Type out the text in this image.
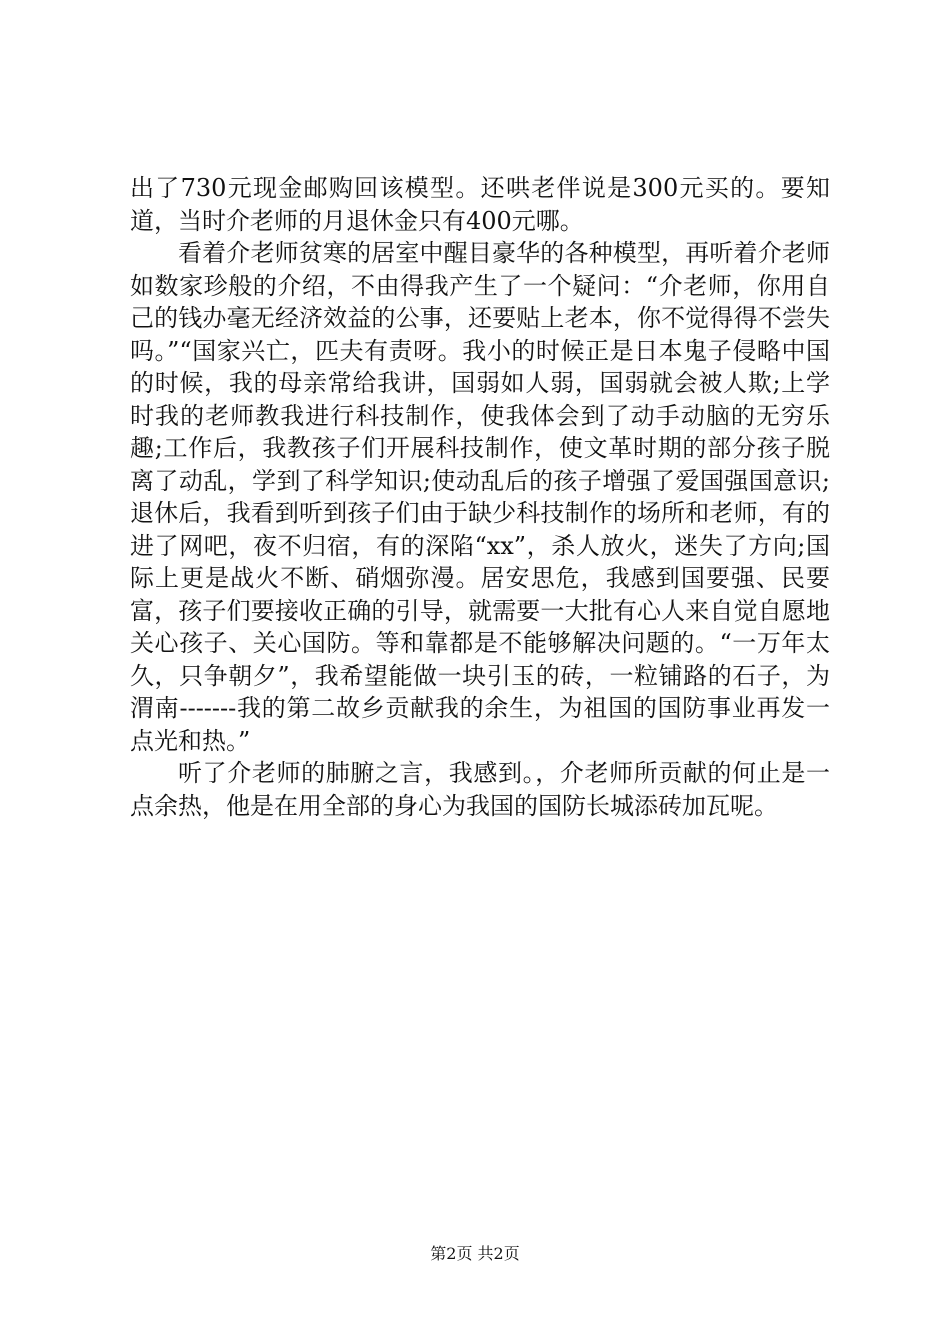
出了730元现金邮购回该模型。还哄老伴说是300元买的。要知道，当时介老师的月退休金只有400元哪。

看着介老师贫寒的居室中醒目豪华的各种模型，再听着介老师如数家珍般的介绍，不由得我产生了一个疑问：“介老师，你用自己的钱办毫无经济效益的公事，还要贴上老本，你不觉得得不尝失吗。”“国家兴亡，匹夫有责呀。我小的时候正是日本鬼子侵略中国的时候，我的母亲常给我讲，国弱如人弱，国弱就会被人欺;上学时我的老师教我进行科技制作，使我体会到了动手动脑的无穷乐趣;工作后，我教孩子们开展科技制作，使文革时期的部分孩子脱离了动乱，学到了科学知识;使动乱后的孩子增强了爱国强国意识;退休后，我看到听到孩子们由于缺少科技制作的场所和老师，有的进了网吧，夜不归宿，有的深陷“xx”，杀人放火，迷失了方向;国际上更是战火不断、硝烟弥漫。居安思危，我感到国要强、民要富，孩子们要接收正确的引导，就需要一大批有心人来自觉自愿地关心孩子、关心国防。等和靠都是不能够解决问题的。“一万年太久，只争朝夕”，我希望能做一块引玉的砖，一粒铺路的石子，为渭南-------我的第二故乡贡献我的余生，为祖国的国防事业再发一点光和热。”

听了介老师的肺腑之言，我感到。，介老师所贡献的何止是一点余热，他是在用全部的身心为我国的国防长城添砖加瓦呢。

第2页 共2页
